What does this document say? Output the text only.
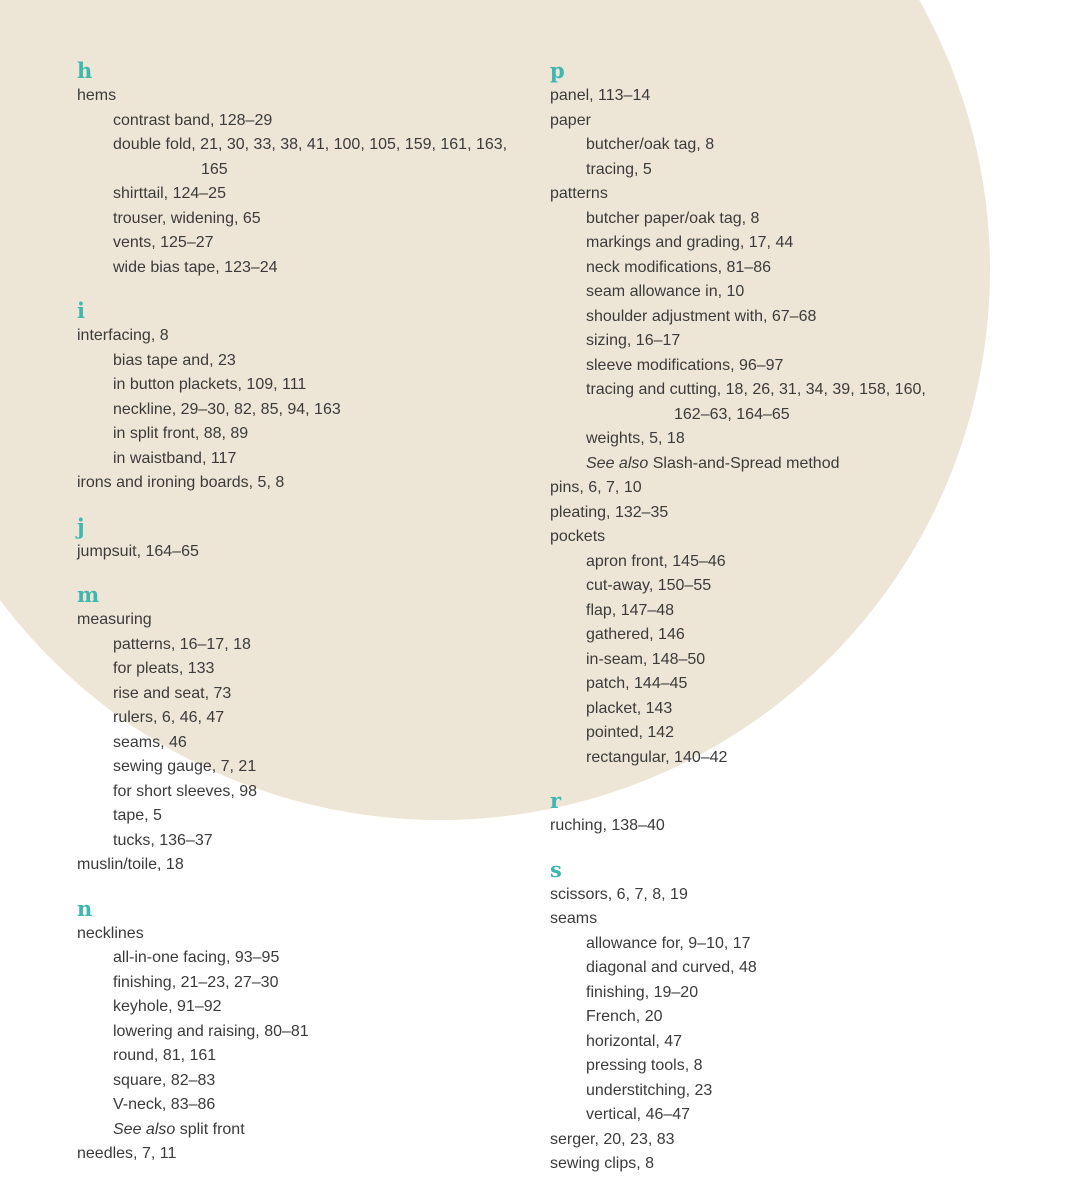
h
hems
contrast band, 128–29
double fold, 21, 30, 33, 38, 41, 100, 105, 159, 161, 163,
165
shirttail, 124–25
trouser, widening, 65
vents, 125–27
wide bias tape, 123–24
i
interfacing, 8
bias tape and, 23
in button plackets, 109, 111
neckline, 29–30, 82, 85, 94, 163
in split front, 88, 89
in waistband, 117
irons and ironing boards, 5, 8
j
jumpsuit, 164–65
m
measuring
patterns, 16–17, 18
for pleats, 133
rise and seat, 73
rulers, 6, 46, 47
seams, 46
sewing gauge, 7, 21
for short sleeves, 98
tape, 5
tucks, 136–37
muslin/toile, 18
n
necklines
all-in-one facing, 93–95
finishing, 21–23, 27–30
keyhole, 91–92
lowering and raising, 80–81
round, 81, 161
square, 82–83
V-neck, 83–86
See also split front
needles, 7, 11
p
panel, 113–14
paper
butcher/oak tag, 8
tracing, 5
patterns
butcher paper/oak tag, 8
markings and grading, 17, 44
neck modifications, 81–86
seam allowance in, 10
shoulder adjustment with, 67–68
sizing, 16–17
sleeve modifications, 96–97
tracing and cutting, 18, 26, 31, 34, 39, 158, 160,
162–63, 164–65
weights, 5, 18
See also Slash-and-Spread method
pins, 6, 7, 10
pleating, 132–35
pockets
apron front, 145–46
cut-away, 150–55
flap, 147–48
gathered, 146
in-seam, 148–50
patch, 144–45
placket, 143
pointed, 142
rectangular, 140–42
r
ruching, 138–40
s
scissors, 6, 7, 8, 19
seams
allowance for, 9–10, 17
diagonal and curved, 48
finishing, 19–20
French, 20
horizontal, 47
pressing tools, 8
understitching, 23
vertical, 46–47
serger, 20, 23, 83
sewing clips, 8
